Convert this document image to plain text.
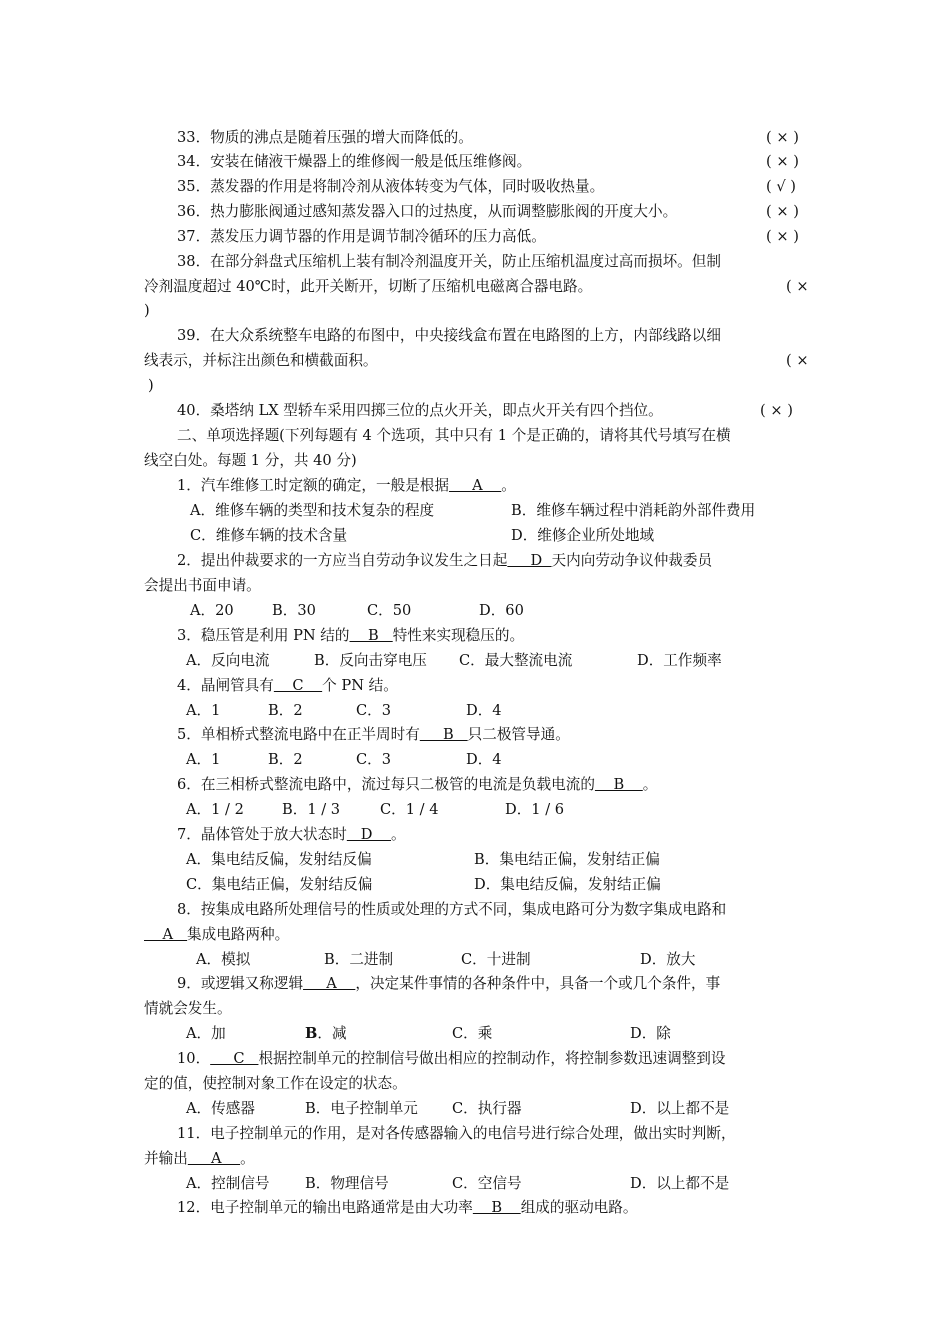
33．物质的沸点是随着压强的增大而降低的。	( × )
34．安装在储液干燥器上的维修阀一般是低压维修阀。	( × )
35．蒸发器的作用是将制冷剂从液体转变为气体，同时吸收热量。	( √ )
36．热力膨胀阀通过感知蒸发器入口的过热度，从而调整膨胀阀的开度大小。	( × )
37．蒸发压力调节器的作用是调节制冷循环的压力高低。	( × )
38．在部分斜盘式压缩机上装有制冷剂温度开关，防止压缩机温度过高而损坏。但制
冷剂温度超过 40℃时，此开关断开，切断了压缩机电磁离合器电路。	( ×
)
39．在大众系统整车电路的布图中，中央接线盒布置在电路图的上方，内部线路以细
线表示，并标注出颜色和横截面积。	( ×
)
40．桑塔纳 LX 型轿车采用四掷三位的点火开关，即点火开关有四个挡位。	( × )
二、单项选择题(下列每题有 4 个选项，其中只有 1 个是正确的，请将其代号填写在横
线空白处。每题 1 分，共 40 分)
1．汽车维修工时定额的确定，一般是根据     A    。
A．维修车辆的类型和技术复杂的程度	B．维修车辆过程中消耗韵外部件费用
C．维修车辆的技术含量	D．维修企业所处地域
2．提出仲裁要求的一方应当自劳动争议发生之日起     D  天内向劳动争议仲裁委员
会提出书面申请。
A．20	B．30	C．50	D．60
3．稳压管是利用 PN 结的    B   特性来实现稳压的。
A．反向电流	B．反向击穿电压 C．最大整流电流	D．工作频率
4．晶闸管具有    C    个 PN 结。
A．1	B．2	C．3	D．4
5．单相桥式整流电路中在正半周时有     B   只二极管导通。
A．1	B．2	C．3	D．4
6．在三相桥式整流电路中，流过每只二极管的电流是负载电流的    B    。
A．1 / 2	B．1 / 3	C．1 / 4	D．1 / 6
7．晶体管处于放大状态时   D    。
A．集电结反偏，发射结反偏	B．集电结正偏，发射结正偏
C．集电结正偏，发射结反偏	D．集电结反偏，发射结正偏
8．按集成电路所处理信号的性质或处理的方式不同，集成电路可分为数字集成电路和
A   集成电路两种。
A．模拟	B．二进制	C．十进制	D．放大
9．或逻辑又称逻辑     A    ，决定某件事情的各种条件中，具备一个或几个条件，事
情就会发生。
A．加	B．减	C．乘	D．除
10．     C   根据控制单元的控制信号做出相应的控制动作，将控制参数迅速调整到设
定的值，使控制对象工作在设定的状态。
A．传感器	B．电子控制单元 C．执行器	D．以上都不是
11．电子控制单元的作用，是对各传感器输入的电信号进行综合处理，做出实时判断，
并输出     A    。
A．控制信号 B．物理信号	C．空信号	D．以上都不是
12．电子控制单元的输出电路通常是由大功率    B    组成的驱动电路。
